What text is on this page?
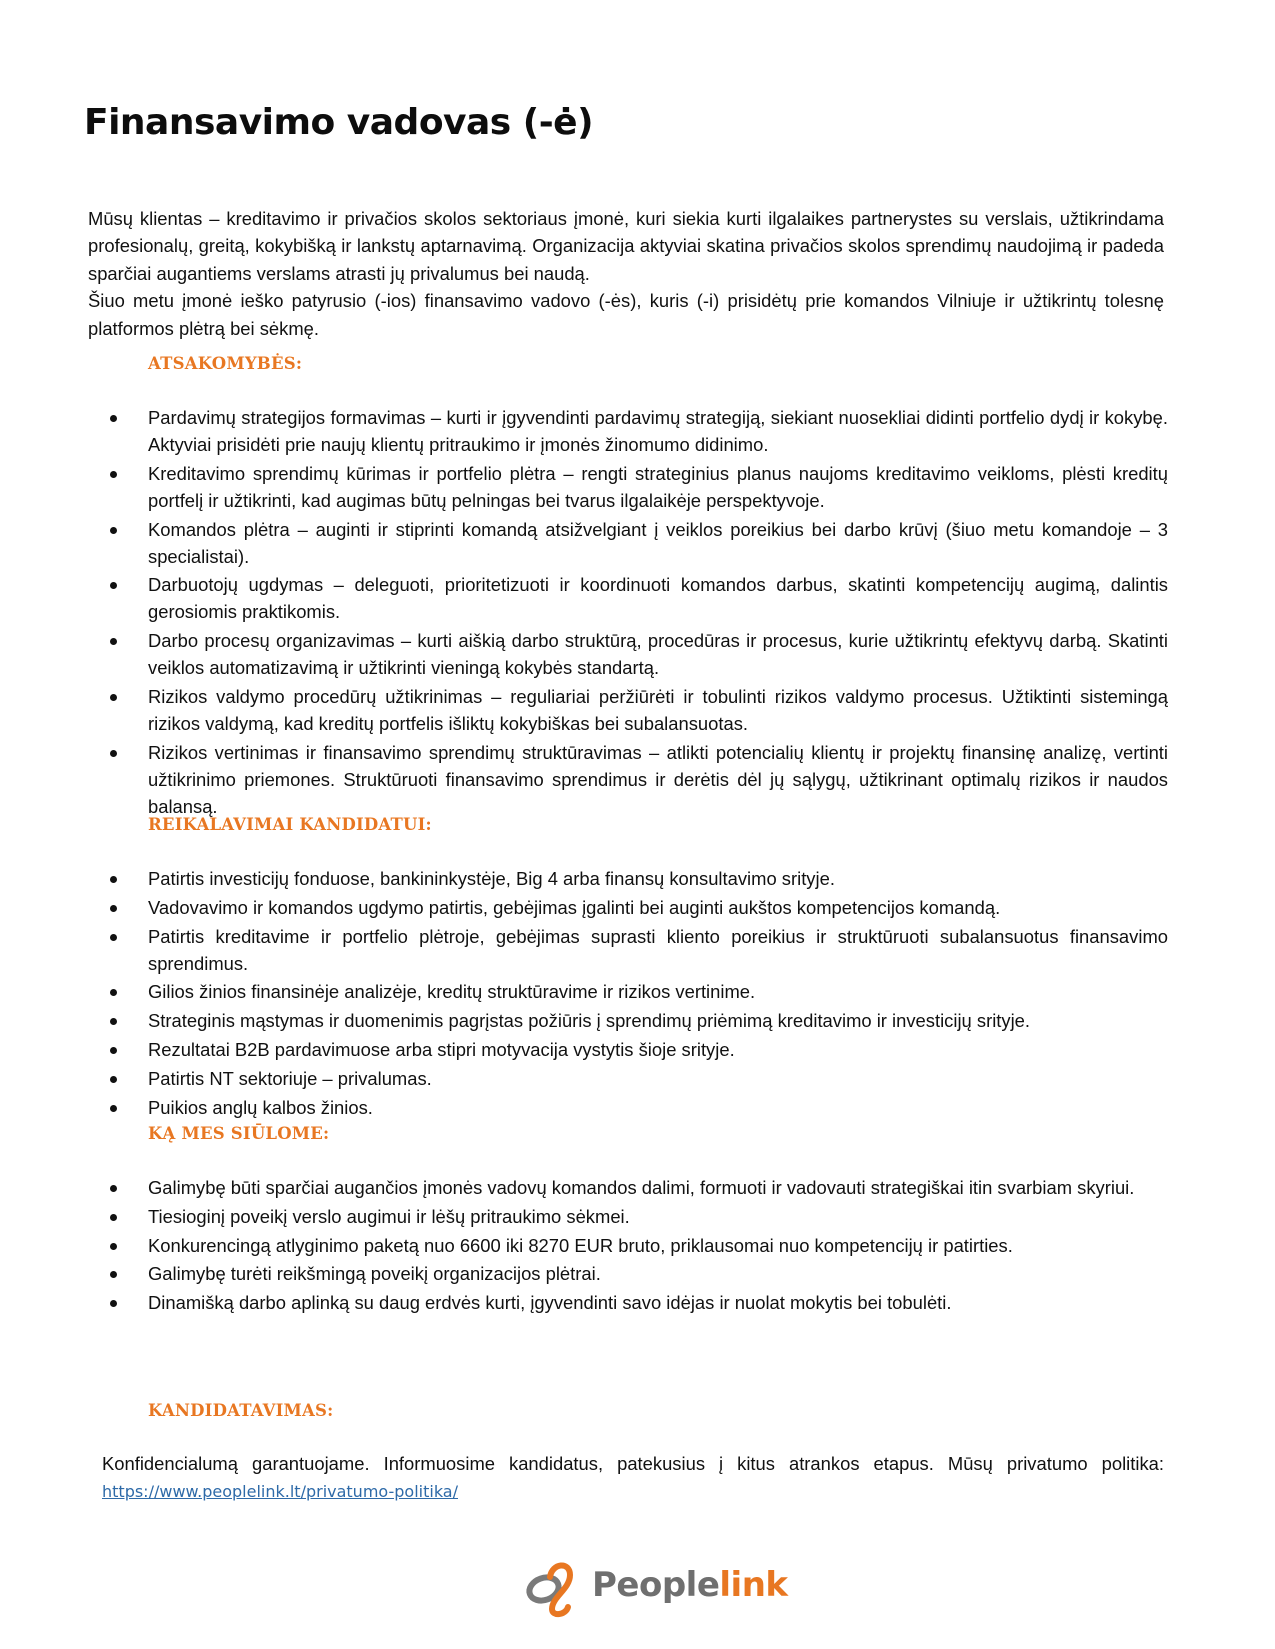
Finansavimo vadovas (-ė)

Mūsų klientas – kreditavimo ir privačios skolos sektoriaus įmonė, kuri siekia kurti ilgalaikes partnerystes su verslais, užtikrindama profesionalų, greitą, kokybišką ir lankstų aptarnavimą. Organizacija aktyviai skatina privačios skolos sprendimų naudojimą ir padeda sparčiai augantiems verslams atrasti jų privalumus bei naudą.

Šiuo metu įmonė ieško patyrusio (-ios) finansavimo vadovo (-ės), kuris (-i) prisidėtų prie komandos Vilniuje ir užtikrintų tolesnę platformos plėtrą bei sėkmę.

ATSAKOMYBĖS:
Pardavimų strategijos formavimas – kurti ir įgyvendinti pardavimų strategiją, siekiant nuosekliai didinti portfelio dydį ir kokybę. Aktyviai prisidėti prie naujų klientų pritraukimo ir įmonės žinomumo didinimo.
Kreditavimo sprendimų kūrimas ir portfelio plėtra – rengti strateginius planus naujoms kreditavimo veikloms, plėsti kreditų portfelį ir užtikrinti, kad augimas būtų pelningas bei tvarus ilgalaikėje perspektyvoje.
Komandos plėtra – auginti ir stiprinti komandą atsižvelgiant į veiklos poreikius bei darbo krūvį (šiuo metu komandoje – 3 specialistai).
Darbuotojų ugdymas – deleguoti, prioritetizuoti ir koordinuoti komandos darbus, skatinti kompetencijų augimą, dalintis gerosiomis praktikomis.
Darbo procesų organizavimas – kurti aiškią darbo struktūrą, procedūras ir procesus, kurie užtikrintų efektyvų darbą. Skatinti veiklos automatizavimą ir užtikrinti vieningą kokybės standartą.
Rizikos valdymo procedūrų užtikrinimas – reguliariai peržiūrėti ir tobulinti rizikos valdymo procesus. Užtiktinti sistemingą rizikos valdymą, kad kreditų portfelis išliktų kokybiškas bei subalansuotas.
Rizikos vertinimas ir finansavimo sprendimų struktūravimas – atlikti potencialių klientų ir projektų finansinę analizę, vertinti užtikrinimo priemones. Struktūruoti finansavimo sprendimus ir derėtis dėl jų sąlygų, užtikrinant optimalų rizikos ir naudos balansą.
REIKALAVIMAI KANDIDATUI:
Patirtis investicijų fonduose, bankininkystėje, Big 4 arba finansų konsultavimo srityje.
Vadovavimo ir komandos ugdymo patirtis, gebėjimas įgalinti bei auginti aukštos kompetencijos komandą.
Patirtis kreditavime ir portfelio plėtroje, gebėjimas suprasti kliento poreikius ir struktūruoti subalansuotus finansavimo sprendimus.
Gilios žinios finansinėje analizėje, kreditų struktūravime ir rizikos vertinime.
Strateginis mąstymas ir duomenimis pagrįstas požiūris į sprendimų priėmimą kreditavimo ir investicijų srityje.
Rezultatai B2B pardavimuose arba stipri motyvacija vystytis šioje srityje.
Patirtis NT sektoriuje – privalumas.
Puikios anglų kalbos žinios.
KĄ MES SIŪLOME:
Galimybę būti sparčiai augančios įmonės vadovų komandos dalimi, formuoti ir vadovauti strategiškai itin svarbiam skyriui.
Tiesioginį poveikį verslo augimui ir lėšų pritraukimo sėkmei.
Konkurencingą atlyginimo paketą nuo 6600 iki 8270 EUR bruto, priklausomai nuo kompetencijų ir patirties.
Galimybę turėti reikšmingą poveikį organizacijos plėtrai.
Dinamišką darbo aplinką su daug erdvės kurti, įgyvendinti savo idėjas ir nuolat mokytis bei tobulėti.
KANDIDATAVIMAS:

Konfidencialumą garantuojame. Informuosime kandidatus, patekusius į kitus atrankos etapus. Mūsų privatumo politika: https://www.peoplelink.lt/privatumo-politika/

Peoplelink
